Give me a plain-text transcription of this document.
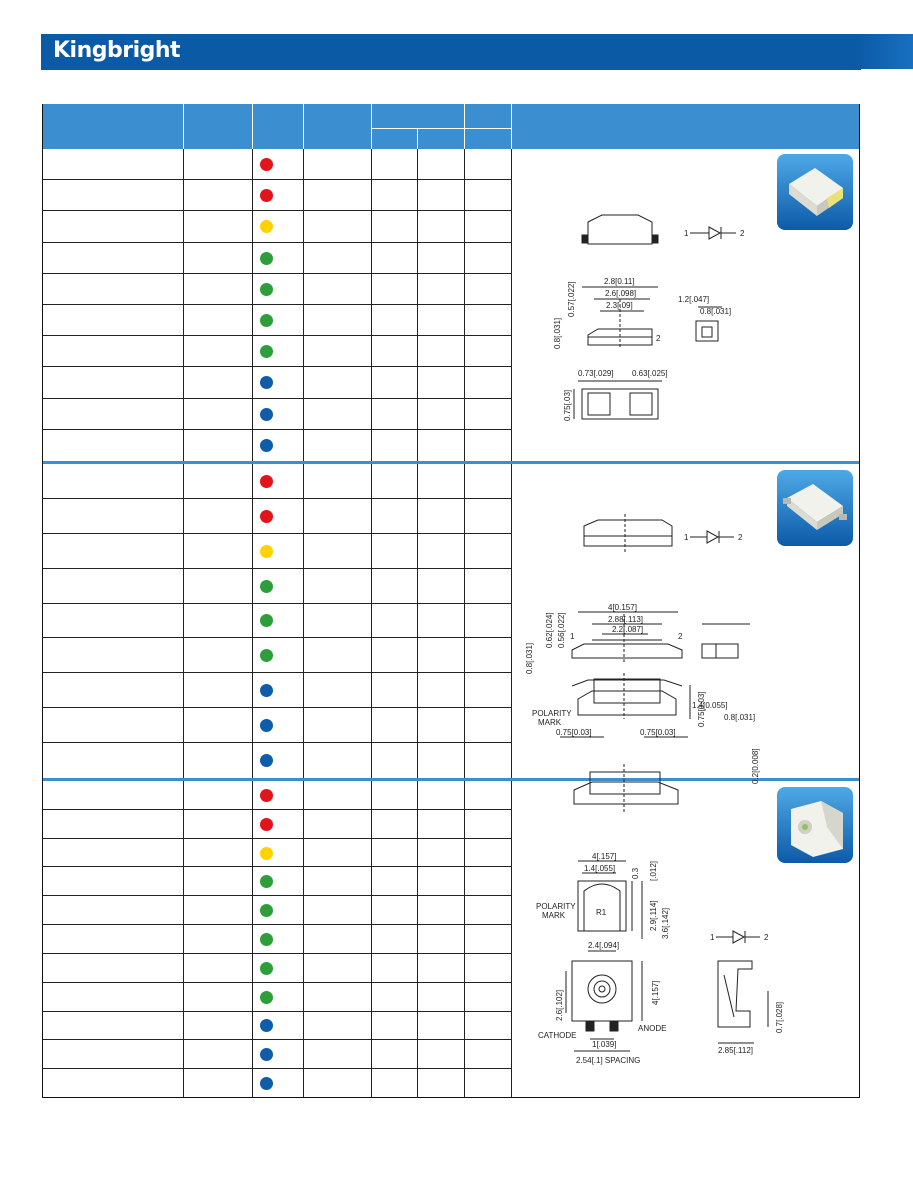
Kingbright
1	2
2.8[0.11]
2.6[.098]
2.3[.09]
2
1.2[.047]
0.8[.031]
0.73[.029] 0.63[.025]
0.75[.03]
0.8[.031]
0.57[.022]
1	2
1	2
4[0.157]
2.88[.113]
2.2[.087]
1.4[0.055]
0.8[.031]
0.2[0.008]
0.8[.031]
0.62[.024] 0.56[.022]
POLARITY
MARK
0.75[0.03]	0.75[0.03]
0.75[0.03]
4[.157]
1.4[.055] 0.3 [.012]
2.9[.114] 3.6[.142]
R1
POLARITY
MARK
1	2
2.4[.094]
2.6[.102]	4[.157]
CATHODE
ANODE
1[.039]
2.54[.1] SPACING
0.7[.028]
2.85[.112]
